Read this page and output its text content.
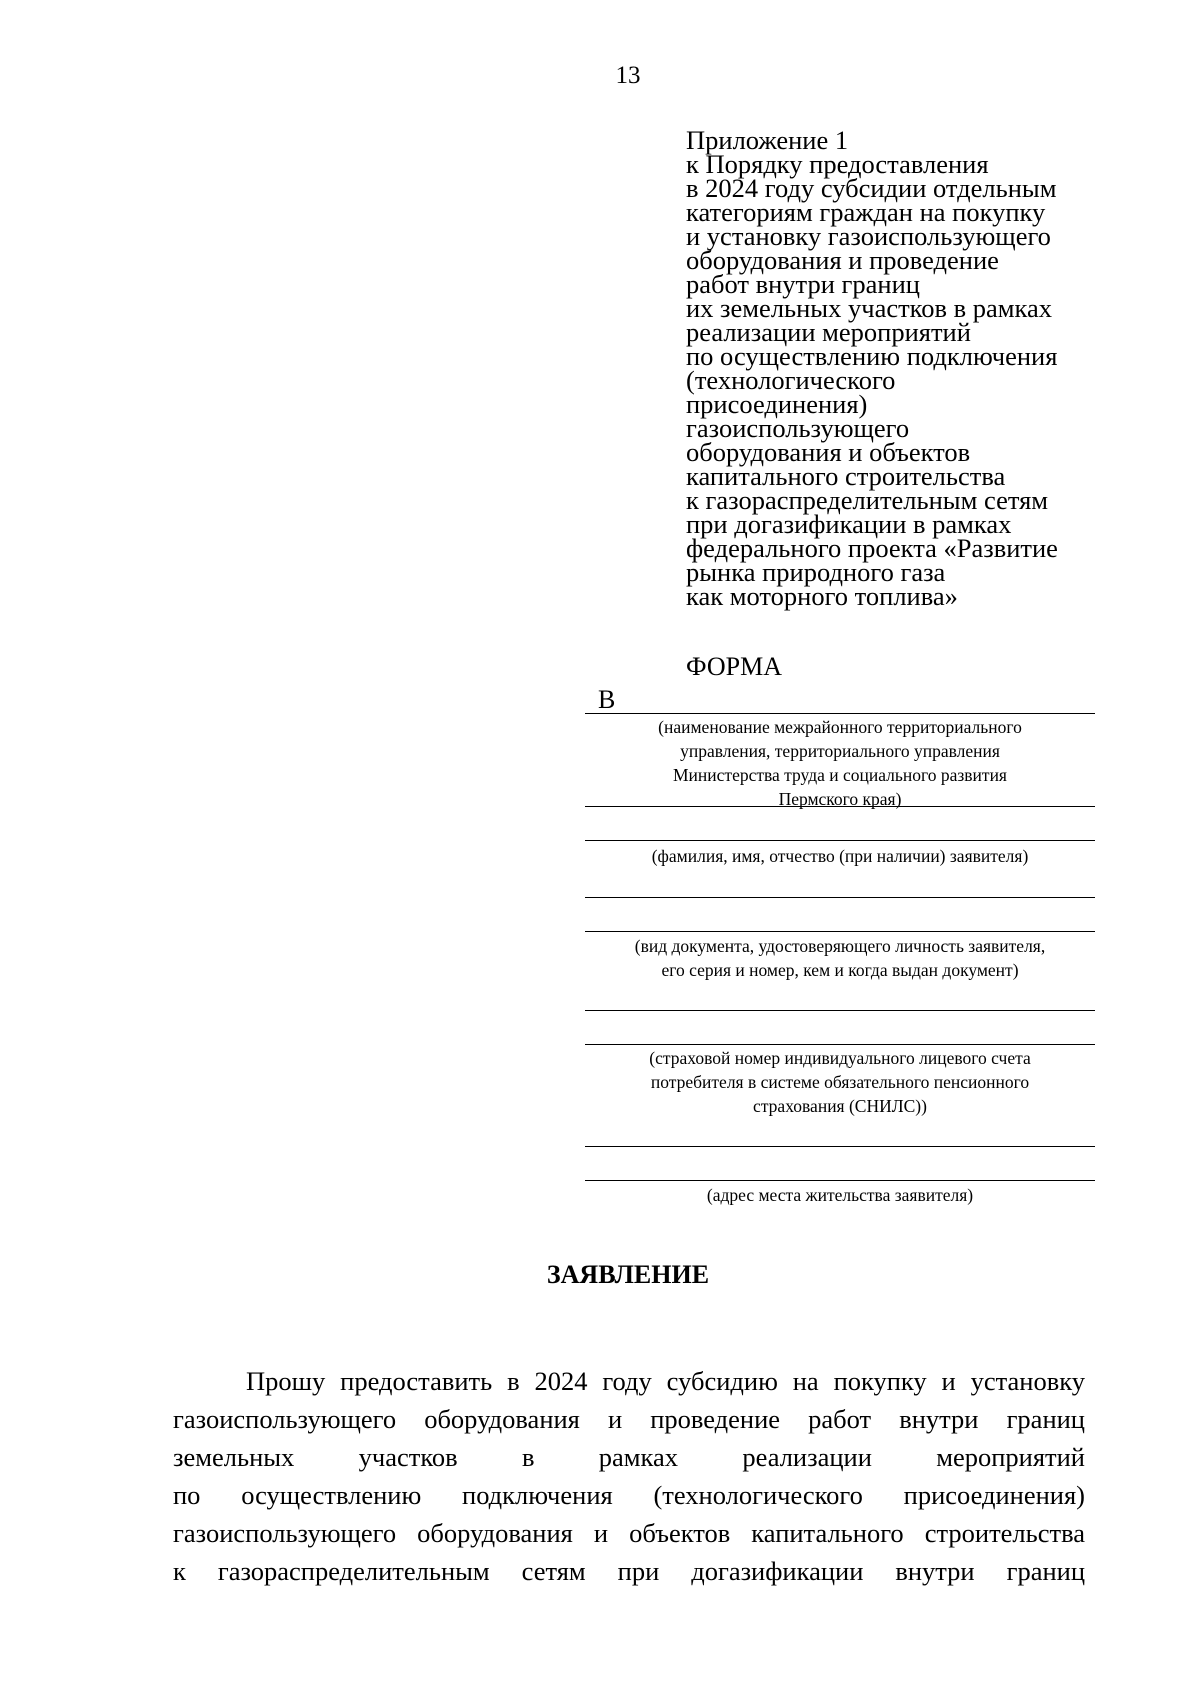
13
Приложение 1
к Порядку предоставления
в 2024 году субсидии отдельным
категориям граждан на покупку
и установку газоиспользующего
оборудования и проведение
работ внутри границ
их земельных участков в рамках
реализации мероприятий
по осуществлению подключения
(технологического
присоединения)
газоиспользующего
оборудования и объектов
капитального строительства
к газораспределительным сетям
при догазификации в рамках
федерального проекта «Развитие
рынка природного газа
как моторного топлива»
ФОРМА
В
(наименование межрайонного территориального
управления, территориального управления
Министерства труда и социального развития
Пермского края)
(фамилия, имя, отчество (при наличии) заявителя)
(вид документа, удостоверяющего личность заявителя,
его серия и номер, кем и когда выдан документ)
(страховой номер индивидуального лицевого счета
потребителя в системе обязательного пенсионного
страхования (СНИЛС))
(адрес места жительства заявителя)
ЗАЯВЛЕНИЕ
Прошу предоставить в 2024 году субсидию на покупку и установку
газоиспользующего оборудования и проведение работ внутри границ
земельных участков в рамках реализации мероприятий
по осуществлению подключения (технологического присоединения)
газоиспользующего оборудования и объектов капитального строительства
к газораспределительным сетям при догазификации внутри границ
